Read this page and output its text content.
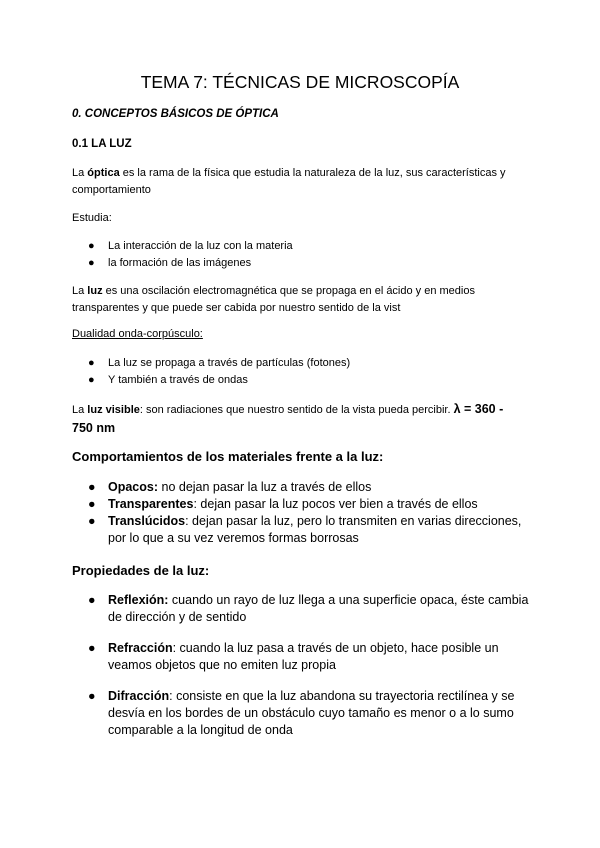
TEMA 7: TÉCNICAS DE MICROSCOPÍA
0. CONCEPTOS BÁSICOS DE ÓPTICA
0.1 LA LUZ
La óptica es la rama de la física que estudia la naturaleza de la luz, sus características y
comportamiento
Estudia:
● La interacción de la luz con la materia
● la formación de las imágenes
La luz es una oscilación electromagnética que se propaga en el ácido y en medios
transparentes y que puede ser cabida por nuestro sentido de la vist
Dualidad onda-corpúsculo:
● La luz se propaga a través de partículas (fotones)
● Y también a través de ondas
La luz visible: son radiaciones que nuestro sentido de la vista pueda percibir. λ = 360 -
750 nm
Comportamientos de los materiales frente a la luz:
● Opacos: no dejan pasar la luz a través de ellos
● Transparentes: dejan pasar la luz pocos ver bien a través de ellos
● Translúcidos: dejan pasar la luz, pero lo transmiten en varias direcciones,
por lo que a su vez veremos formas borrosas
Propiedades de la luz:
● Reflexión: cuando un rayo de luz llega a una superficie opaca, éste cambia
de dirección y de sentido
● Refracción: cuando la luz pasa a través de un objeto, hace posible un
veamos objetos que no emiten luz propia
● Difracción: consiste en que la luz abandona su trayectoria rectilínea y se
desvía en los bordes de un obstáculo cuyo tamaño es menor o a lo sumo
comparable a la longitud de onda
